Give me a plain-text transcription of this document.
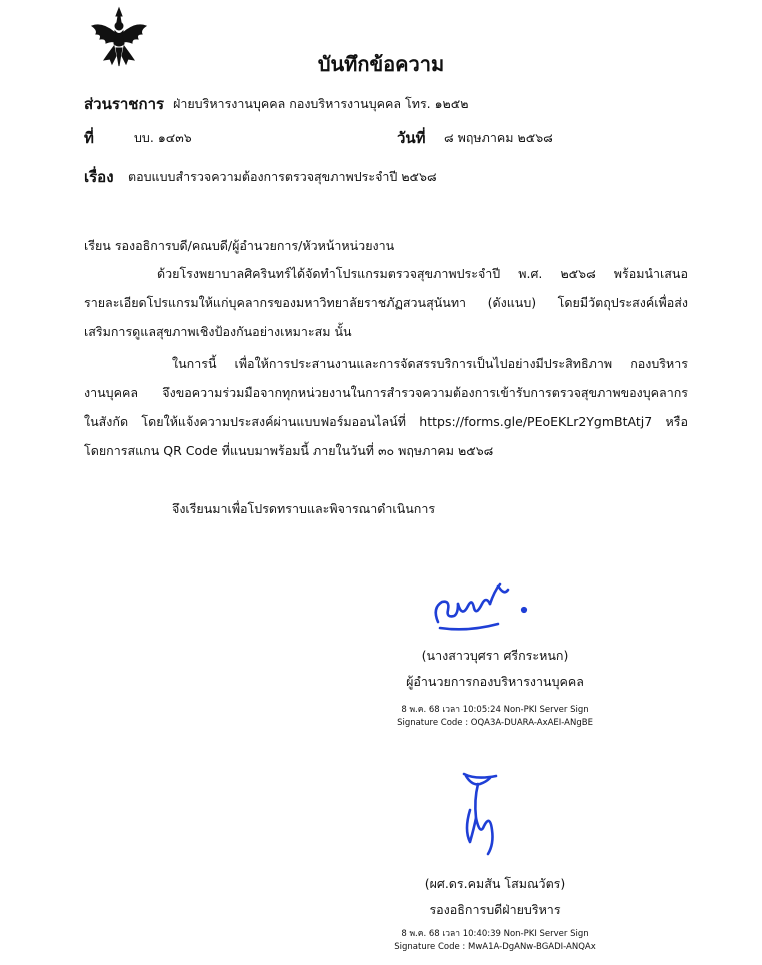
บันทึกข้อความ
ส่วนราชการ ฝ่ายบริหารงานบุคคล กองบริหารงานบุคคล โทร. ๑๒๕๒
ที่	บบ. ๑๔๓๖	วันที่ ๘ พฤษภาคม ๒๕๖๘
เรื่อง ตอบแบบสำรวจความต้องการตรวจสุขภาพประจำปี ๒๕๖๘
เรียน รองอธิการบดี/คณบดี/ผู้อำนวยการ/หัวหน้าหน่วยงาน
ด้วยโรงพยาบาลศิครินทร์ได้จัดทำโปรแกรมตรวจสุขภาพประจำปี พ.ศ. ๒๕๖๘ พร้อมนำเสนอ
รายละเอียดโปรแกรมให้แก่บุคลากรของมหาวิทยาลัยราชภัฏสวนสุนันทา (ดังแนบ) โดยมีวัตถุประสงค์เพื่อส่ง
เสริมการดูแลสุขภาพเชิงป้องกันอย่างเหมาะสม นั้น
ในการนี้ เพื่อให้การประสานงานและการจัดสรรบริการเป็นไปอย่างมีประสิทธิภาพ กองบริหาร
งานบุคคล จึงขอความร่วมมือจากทุกหน่วยงานในการสำรวจความต้องการเข้ารับการตรวจสุขภาพของบุคลากร
ในสังกัด โดยให้แจ้งความประสงค์ผ่านแบบฟอร์มออนไลน์ที่ https://forms.gle/PEoEKLr2YgmBtAtj7 หรือ
โดยการสแกน QR Code ที่แนบมาพร้อมนี้ ภายในวันที่ ๓๐ พฤษภาคม ๒๕๖๘
จึงเรียนมาเพื่อโปรดทราบและพิจารณาดำเนินการ
(นางสาวบุศรา ศรีกระหนก)
ผู้อำนวยการกองบริหารงานบุคคล
8 พ.ค. 68 เวลา 10:05:24 Non-PKI Server Sign
Signature Code : OQA3A-DUARA-AxAEI-ANgBE
(ผศ.ดร.คมสัน โสมณวัตร)
รองอธิการบดีฝ่ายบริหาร
8 พ.ค. 68 เวลา 10:40:39 Non-PKI Server Sign
Signature Code : MwA1A-DgANw-BGADI-ANQAx
